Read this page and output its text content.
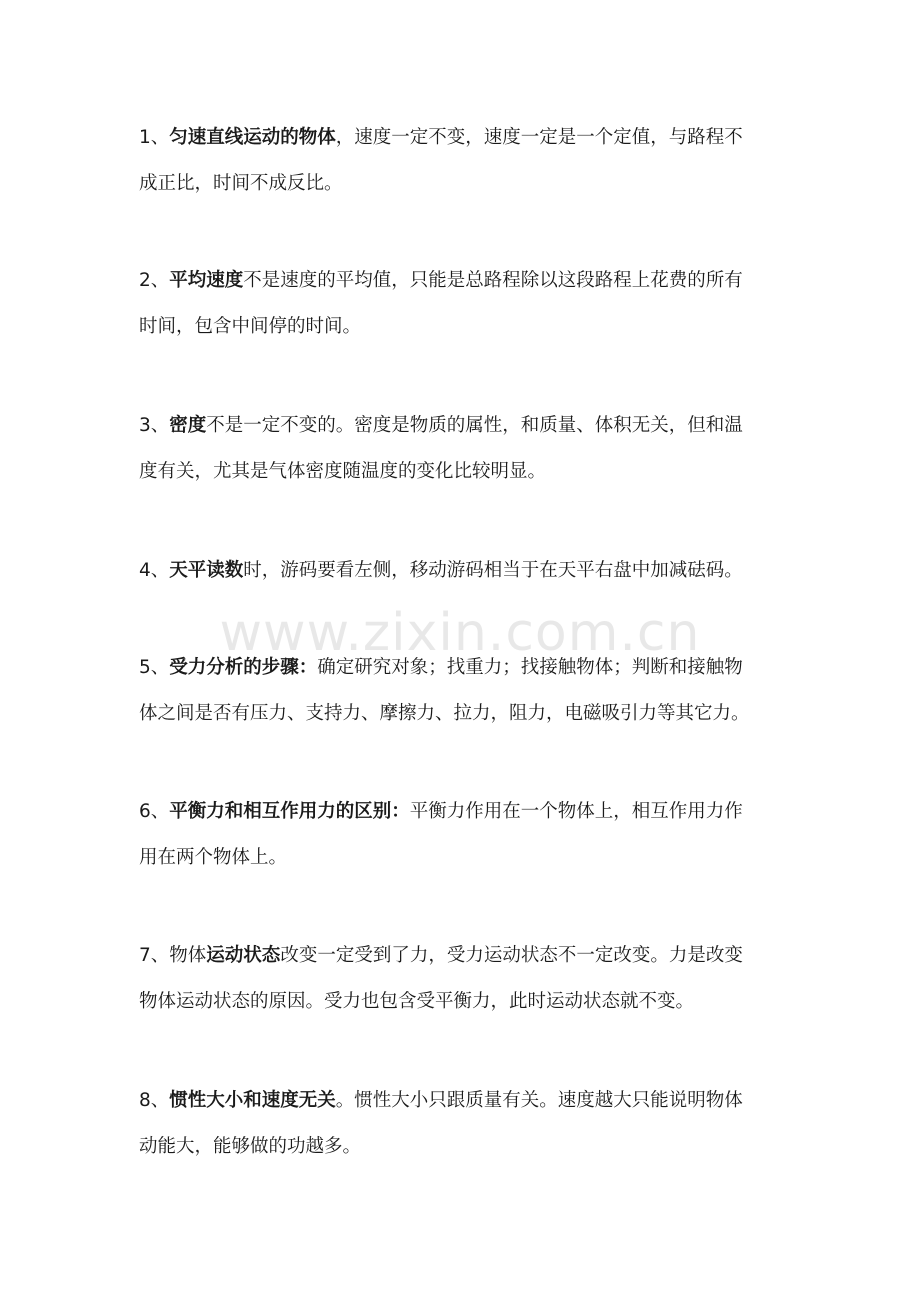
1、匀速直线运动的物体，速度一定不变，速度一定是一个定值，与路程不
成正比，时间不成反比。

2、平均速度不是速度的平均值，只能是总路程除以这段路程上花费的所有
时间，包含中间停的时间。

3、密度不是一定不变的。密度是物质的属性，和质量、体积无关，但和温
度有关，尤其是气体密度随温度的变化比较明显。

4、天平读数时，游码要看左侧，移动游码相当于在天平右盘中加减砝码。

5、受力分析的步骤：确定研究对象；找重力；找接触物体；判断和接触物
体之间是否有压力、支持力、摩擦力、拉力，阻力，电磁吸引力等其它力。

6、平衡力和相互作用力的区别：平衡力作用在一个物体上，相互作用力作
用在两个物体上。

7、物体运动状态改变一定受到了力，受力运动状态不一定改变。力是改变
物体运动状态的原因。受力也包含受平衡力，此时运动状态就不变。

8、惯性大小和速度无关。惯性大小只跟质量有关。速度越大只能说明物体
动能大，能够做的功越多。

www.zixin.com.cn
